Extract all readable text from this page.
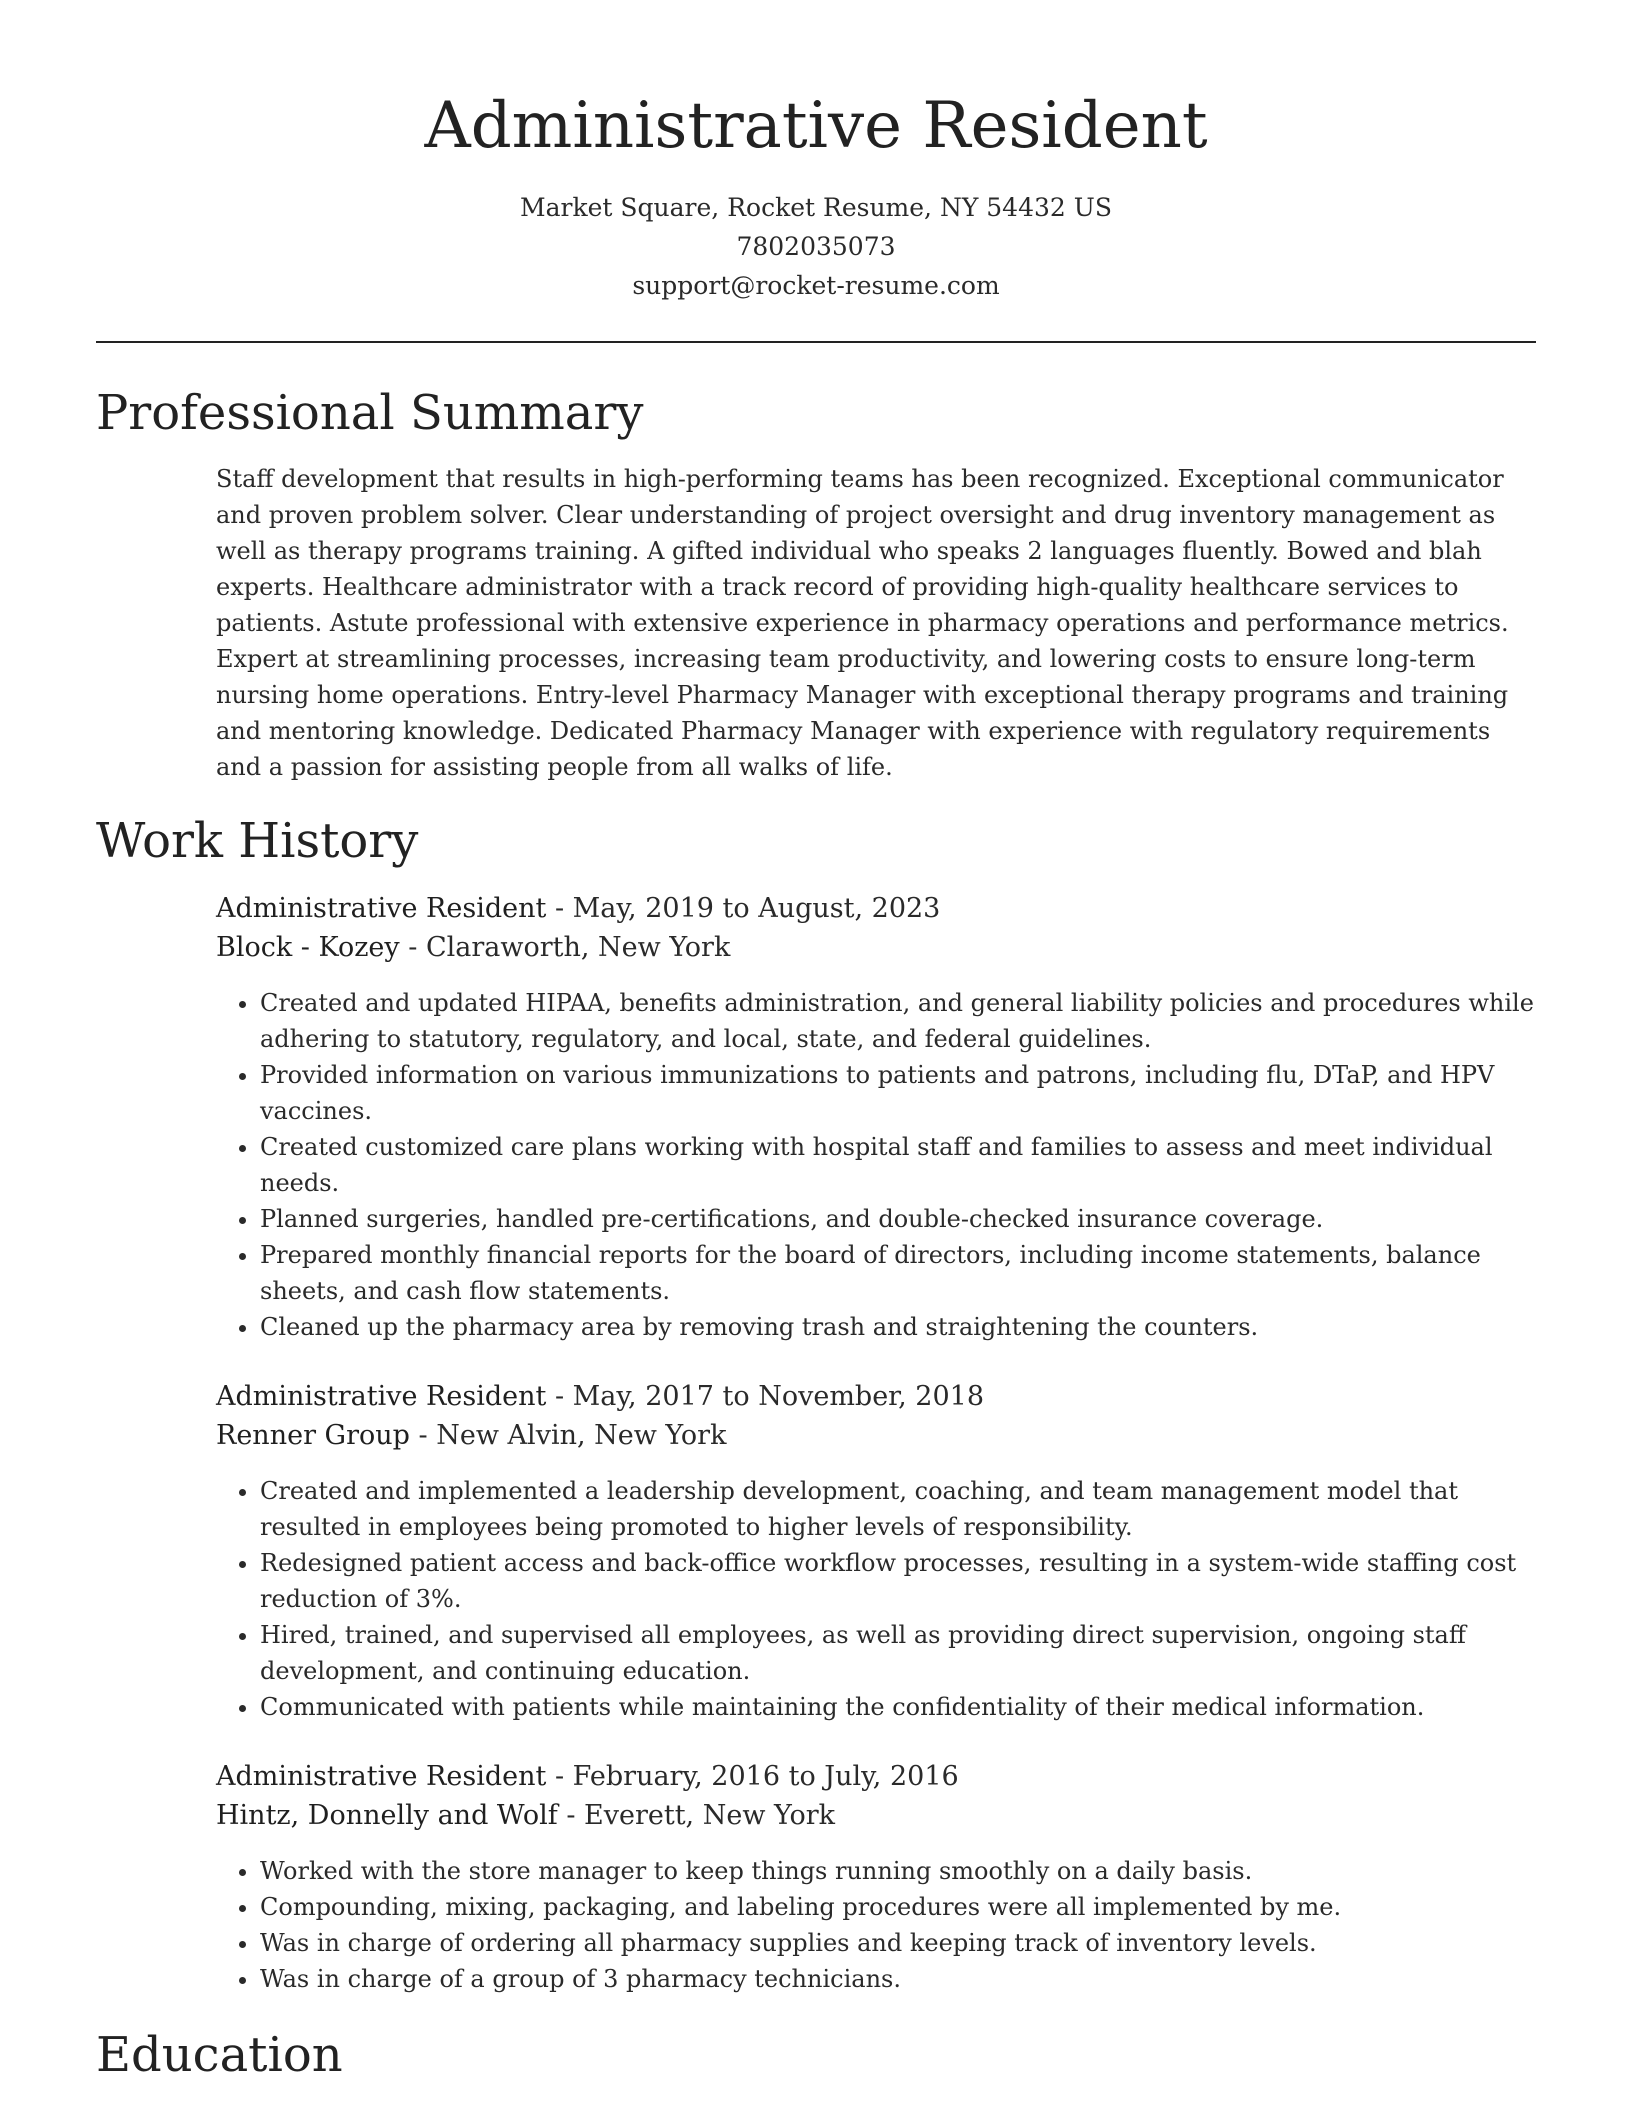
Administrative Resident
Market Square, Rocket Resume, NY 54432 US
7802035073
support@rocket-resume.com
Professional Summary

Staff development that results in high-performing teams has been recognized. Exceptional communicator and proven problem solver. Clear understanding of project oversight and drug inventory management as well as therapy programs training. A gifted individual who speaks 2 languages fluently. Bowed and blah experts. Healthcare administrator with a track record of providing high-quality healthcare services to patients. Astute professional with extensive experience in pharmacy operations and performance metrics. Expert at streamlining processes, increasing team productivity, and lowering costs to ensure long-term nursing home operations. Entry-level Pharmacy Manager with exceptional therapy programs and training and mentoring knowledge. Dedicated Pharmacy Manager with experience with regulatory requirements and a passion for assisting people from all walks of life.

Work History
Administrative Resident - May, 2019 to August, 2023
Block - Kozey - Claraworth, New York
• Created and updated HIPAA, benefits administration, and general liability policies and procedures while adhering to statutory, regulatory, and local, state, and federal guidelines.
• Provided information on various immunizations to patients and patrons, including flu, DTaP, and HPV vaccines.
• Created customized care plans working with hospital staff and families to assess and meet individual needs.
• Planned surgeries, handled pre-certifications, and double-checked insurance coverage.
• Prepared monthly financial reports for the board of directors, including income statements, balance sheets, and cash flow statements.
• Cleaned up the pharmacy area by removing trash and straightening the counters.
Administrative Resident - May, 2017 to November, 2018
Renner Group - New Alvin, New York
• Created and implemented a leadership development, coaching, and team management model that resulted in employees being promoted to higher levels of responsibility.
• Redesigned patient access and back-office workflow processes, resulting in a system-wide staffing cost reduction of 3%.
• Hired, trained, and supervised all employees, as well as providing direct supervision, ongoing staff development, and continuing education.
• Communicated with patients while maintaining the confidentiality of their medical information.
Administrative Resident - February, 2016 to July, 2016
Hintz, Donnelly and Wolf - Everett, New York
• Worked with the store manager to keep things running smoothly on a daily basis.
• Compounding, mixing, packaging, and labeling procedures were all implemented by me.
• Was in charge of ordering all pharmacy supplies and keeping track of inventory levels.
• Was in charge of a group of 3 pharmacy technicians.
Education
